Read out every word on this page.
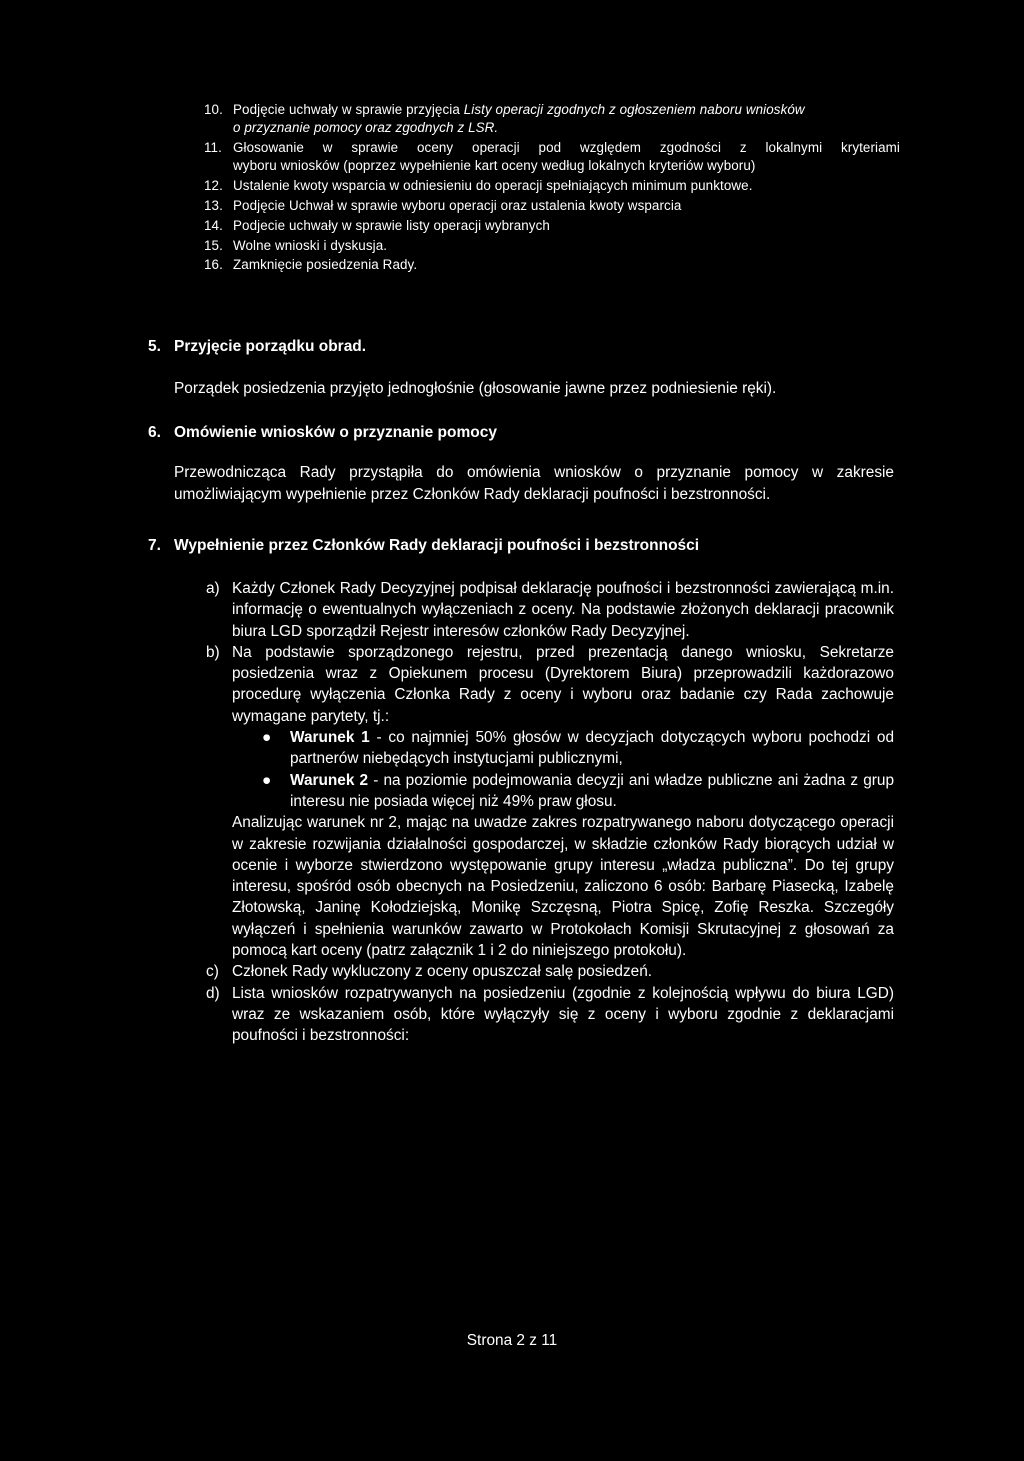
10. Podjęcie uchwały w sprawie przyjęcia Listy operacji zgodnych z ogłoszeniem naboru wniosków
o przyznanie pomocy oraz zgodnych z LSR.
11. Głosowanie w sprawie oceny operacji pod względem zgodności z lokalnymi kryteriami
wyboru wniosków (poprzez wypełnienie kart oceny według lokalnych kryteriów wyboru)
12. Ustalenie kwoty wsparcia w odniesieniu do operacji spełniających minimum punktowe.
13. Podjęcie Uchwał w sprawie wyboru operacji oraz ustalenia kwoty wsparcia
14. Podjecie uchwały w sprawie listy operacji wybranych
15. Wolne wnioski i dyskusja.
16. Zamknięcie posiedzenia Rady.
5. Przyjęcie porządku obrad.
Porządek posiedzenia przyjęto jednogłośnie (głosowanie jawne przez podniesienie ręki).
6. Omówienie wniosków o przyznanie pomocy
Przewodnicząca Rady przystąpiła do omówienia wniosków o przyznanie pomocy w zakresie
umożliwiającym wypełnienie przez Członków Rady deklaracji poufności i bezstronności.
7. Wypełnienie przez Członków Rady deklaracji poufności i bezstronności
a) Każdy Członek Rady Decyzyjnej podpisał deklarację poufności i bezstronności zawierającą m.in. informację o ewentualnych wyłączeniach z oceny. Na podstawie złożonych deklaracji pracownik biura LGD sporządził Rejestr interesów członków Rady Decyzyjnej.
b) Na podstawie sporządzonego rejestru, przed prezentacją danego wniosku, Sekretarze posiedzenia wraz z Opiekunem procesu (Dyrektorem Biura) przeprowadzili każdorazowo procedurę wyłączenia Członka Rady z oceny i wyboru oraz badanie czy Rada zachowuje wymagane parytety, tj.:
● Warunek 1 - co najmniej 50% głosów w decyzjach dotyczących wyboru pochodzi od partnerów niebędących instytucjami publicznymi,
● Warunek 2 - na poziomie podejmowania decyzji ani władze publiczne ani żadna z grup interesu nie posiada więcej niż 49% praw głosu.
Analizując warunek nr 2, mając na uwadze zakres rozpatrywanego naboru dotyczącego operacji w zakresie rozwijania działalności gospodarczej, w składzie członków Rady biorących udział w ocenie i wyborze stwierdzono występowanie grupy interesu „władza publiczna”. Do tej grupy interesu, spośród osób obecnych na Posiedzeniu, zaliczono 6 osób: Barbarę Piasecką, Izabelę Złotowską, Janinę Kołodziejską, Monikę Szczęsną, Piotra Spicę, Zofię Reszka. Szczegóły wyłączeń i spełnienia warunków zawarto w Protokołach Komisji Skrutacyjnej z głosowań za pomocą kart oceny (patrz załącznik 1 i 2 do niniejszego protokołu).
c) Członek Rady wykluczony z oceny opuszczał salę posiedzeń.
d) Lista wniosków rozpatrywanych na posiedzeniu (zgodnie z kolejnością wpływu do biura LGD) wraz ze wskazaniem osób, które wyłączyły się z oceny i wyboru zgodnie z deklaracjami poufności i bezstronności:
Strona 2 z 11
